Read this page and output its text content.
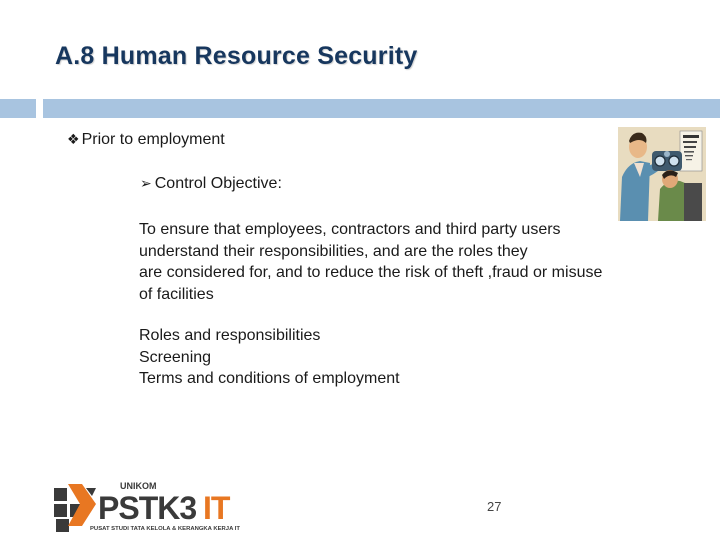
A.8 Human Resource Security
❖ Prior to employment
➢ Control Objective:
To ensure that employees, contractors and third party users
understand their responsibilities, and are the roles they
are considered for, and to reduce the risk of theft ,fraud or misuse
of facilities
Roles and responsibilities
Screening
Terms and conditions of employment
UNIKOM
PSTK3 IT
PUSAT STUDI TATA KELOLA & KERANGKA KERJA IT
27
